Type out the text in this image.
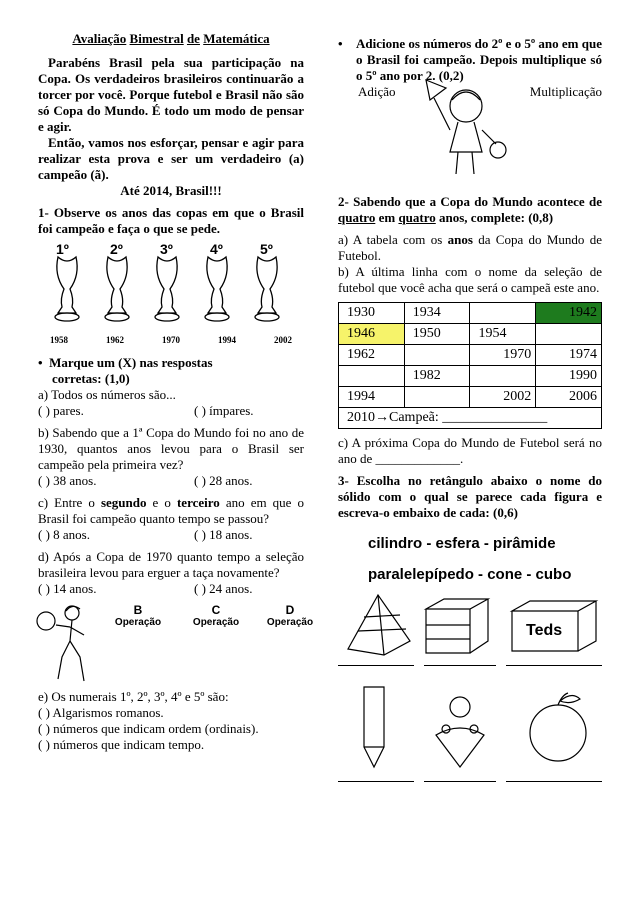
Avaliação Bimestral de Matemática
Parabéns Brasil pela sua participação na Copa. Os verdadeiros brasileiros continuarão a torcer por você. Porque futebol e Brasil não são só Copa do Mundo. É todo um modo de pensar e agir.
Então, vamos nos esforçar, pensar e agir para realizar esta prova e ser um verdadeiro (a) campeão (ã).
Até 2014, Brasil!!!
1- Observe os anos das copas em que o Brasil foi campeão e faça o que se pede.
1º	2º	3º	4º	5º
1958	1962	1970	1994	2002
•  Marque um (X) nas respostas
corretas: (1,0)
a) Todos os números são...
( ) pares.	( ) ímpares.
b) Sabendo que a 1ª Copa do Mundo foi no ano de 1930, quantos anos levou para o Brasil ser campeão pela primeira vez?
( ) 38 anos.	( ) 28 anos.
c) Entre o segundo e o terceiro ano em que o Brasil foi campeão quanto tempo se passou?
( ) 8 anos.	( ) 18 anos.
d) Após a Copa de 1970 quanto tempo a seleção brasileira levou para erguer a taça novamente?
( ) 14 anos.	( ) 24 anos.
B
Operação
C
Operação
D
Operação
e) Os numerais 1º, 2º, 3º, 4º e 5º são:
( ) Algarismos romanos.
( ) números que indicam ordem (ordinais).
( ) números que indicam tempo.
•	Adicione os números do 2º e o 5º ano em que o Brasil foi campeão. Depois multiplique só o 5º ano por 2. (0,2)
Adição	Multiplicação
2- Sabendo que a Copa do Mundo acontece de quatro em quatro anos, complete: (0,8)
a) A tabela com os anos da Copa do Mundo de Futebol.
b) A última linha com o nome da seleção de futebol que você acha que será o campeã este ano.
1930	1934		1942
1946	1950	1954	
1962		1970	1974
	1982		1990
1994		2002	2006
2010→Campeã: _______________			
c) A próxima Copa do Mundo de Futebol será no ano de _____________.
3- Escolha no retângulo abaixo o nome do sólido com o qual se parece cada figura e escreva-o embaixo de cada: (0,6)
cilindro - esfera - pirâmide
paralelepípedo - cone - cubo
Teds
